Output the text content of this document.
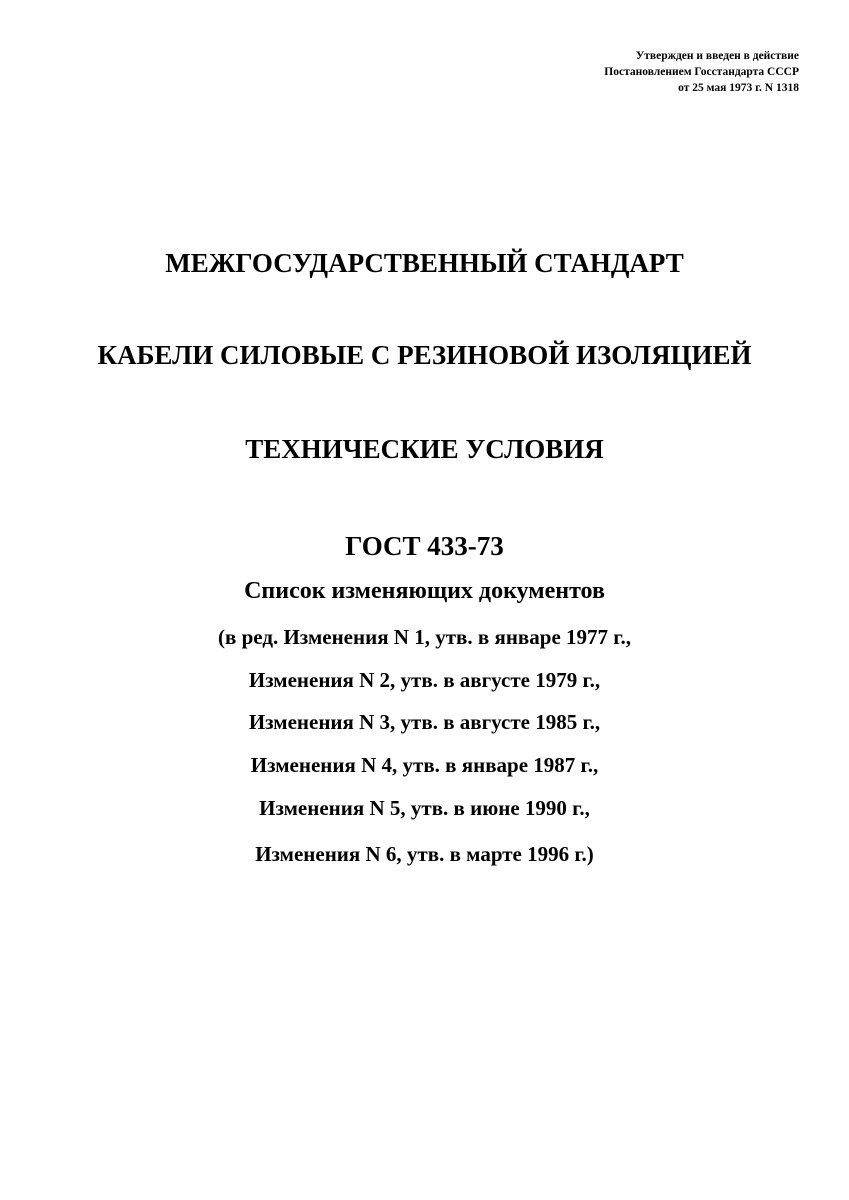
Утвержден и введен в действие
Постановлением Госстандарта СССР
от 25 мая 1973 г. N 1318
МЕЖГОСУДАРСТВЕННЫЙ СТАНДАРТ
КАБЕЛИ СИЛОВЫЕ С РЕЗИНОВОЙ ИЗОЛЯЦИЕЙ
ТЕХНИЧЕСКИЕ УСЛОВИЯ
ГОСТ 433-73
Список изменяющих документов
(в ред. Изменения N 1, утв. в январе 1977 г.,
Изменения N 2, утв. в августе 1979 г.,
Изменения N 3, утв. в августе 1985 г.,
Изменения N 4, утв. в январе 1987 г.,
Изменения N 5, утв. в июне 1990 г.,
Изменения N 6, утв. в марте 1996 г.)
